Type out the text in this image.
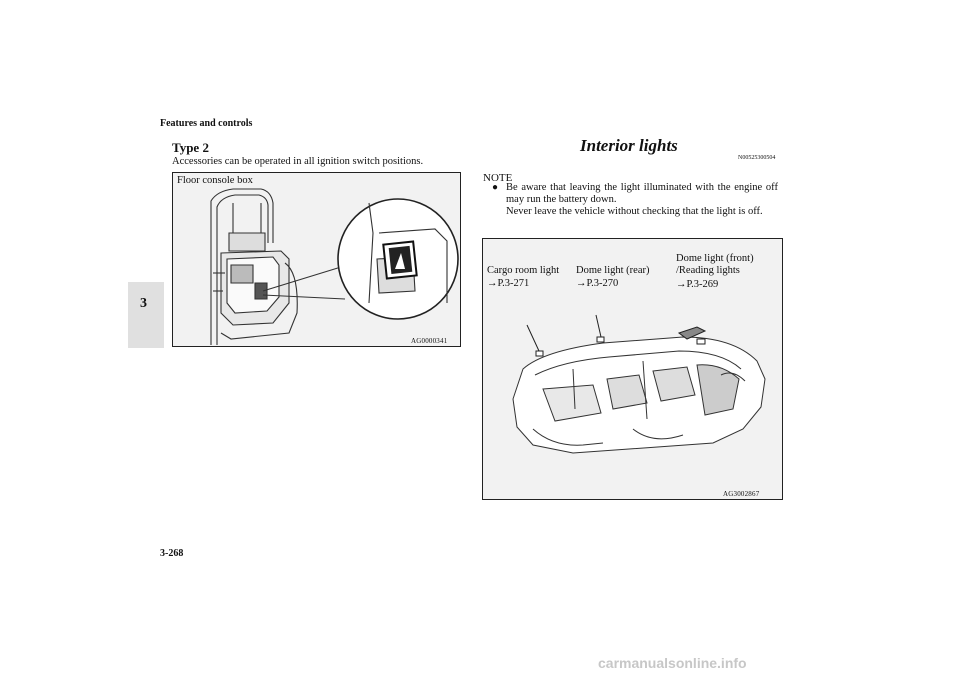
Features and controls
3
Type 2
Accessories can be operated in all ignition switch positions.
Floor console box
AG0000341
Interior lights
N00525300504
NOTE
● Be aware that leaving the light illuminated with the engine off may run the battery down.

Never leave the vehicle without checking that the light is off.

Cargo room light
→P.3-271
Dome light (rear)
→P.3-270
Dome light (front)
/Reading lights
→P.3-269
AG3002867
3-268
carmanualsonline.info
